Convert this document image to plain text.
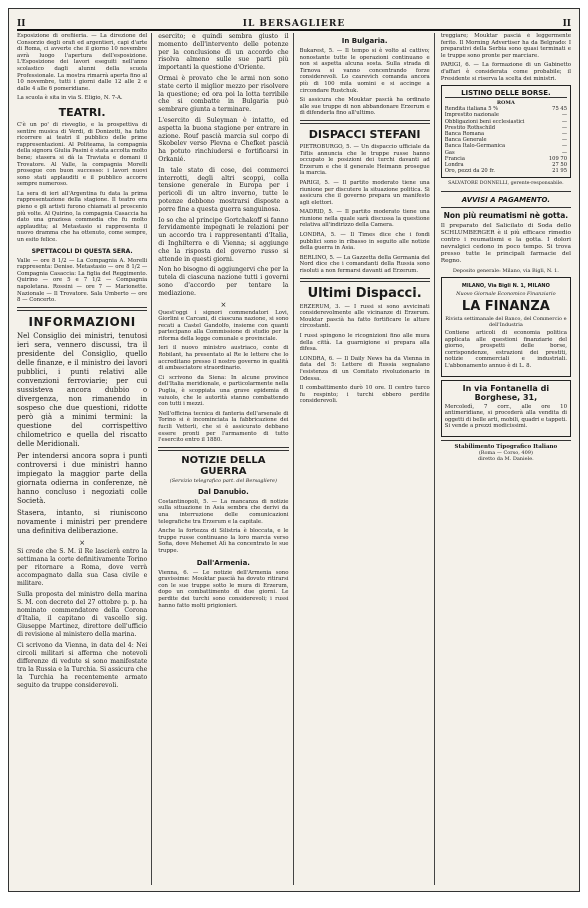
II	IL BERSAGLIERE	II

Esposizione di orefiieria. — La direzione del Consorzio degli orafi ed argentieri, capi d'arte di Roma, ci avverte che il giorno 10 novembre avrà luogo l'apertura dell'esposizione. L'Esposizione dei lavori eseguiti nell'anno scolastico dagli alunni della scuola Professionale. La mostra rimarrà aperta fino al 10 novembre, tutti i giorni dalle 12 alle 2 e dalle 4 alle 6 pomeridiane.

La scuola è sita in via S. Eligio, N. 7-A.

TEATRI.

C'è un po' di risveglio, e la prospettiva di sentire musica di Verdi, di Donizetti, ha fatto ricorrere ai teatri il pubblico delle prime rappresentazioni. Al Politeama, la compagnia della signora Giulia Pasini è stata accolta molto bene; stasera si dà la Traviata e domani il Trovatore. Al Valle, la compagnia Morelli prosegue con buon successo: i lavori nuovi sono stati applauditi e il pubblico accorre sempre numeroso.

La sera di ieri all'Argentina fu data la prima rappresentazione della stagione. Il teatro era pieno e gli artisti furono chiamati al proscenio più volte. Al Quirino, la compagnia Casaccia ha dato una graziosa commedia che fu molto applaudita; al Metastasio si rappresenta il nuovo dramma che ha ottenuto, come sempre, un esito felice.

SPETTACOLI DI QUESTA SERA.

Valle — ore 8 1/2 — La Compagnia A. Morelli rappresenta: Denise. Metastasio — ore 8 1/2 — Compagnia Casaccia: La figlia del Reggimento. Quirino — ore 5 e 7 1/2 — Compagnia napoletana. Rossini — ore 7 — Marionette. Nazionale — Il Trovatore. Sala Umberto — ore 8 — Concerto.

INFORMAZIONI

Nel Consiglio dei ministri, tenutosi ieri sera, vennero discussi, tra il presidente del Consiglio, quello delle finanze, e il ministro dei lavori pubblici, i punti relativi alle convenzioni ferroviarie; per cui sussisteva ancora dubbio o divergenza, non rimanendo in sospeso che due questioni, ridotte però già a minimi termini: la questione del corrispettivo chilometrico e quella del riscatto delle Meridionali.

Per intendersi ancora sopra i punti controversi i due ministri hanno impiegato la maggior parte della giornata odierna in conferenze, nè hanno concluso i negoziati colle Società.

Stasera, intanto, si riuniscono novamente i ministri per prendere una definitiva deliberazione.

×

Si crede che S. M. il Re lascierà entro la settimana la corte definitivamente Torino per ritornare a Roma, dove verrà accompagnato dalla sua Casa civile e militare.

Sulla proposta del ministro della marina S. M. con decreto del 27 ottobre p. p. ha nominato commendatore della Corona d'Italia, il capitano di vascello sig. Giuseppe Martinez, direttore dell'ufficio di revisione al ministero della marina.

Ci scrivono da Vienna, in data del 4: Nei circoli militari si afferma che notevoli differenze di vedute si sono manifestate tra la Russia e la Turchia. Si assicura che la Turchia ha recentemente armato seguito da truppe considerevoli.

esercito; e quindi sembra giusto il momento dell'intervento delle potenze per la conclusione di un accordo che risolva almeno sulle sue parti più importanti la questione d'Oriente.

Ormai è provato che le armi non sono state certo il miglior mezzo per risolvere la questione; ed ora poi la lotta terribile che si combatte in Bulgaria può sembrare giunta a terminare.

L'esercito di Suleyman è intatto, ed aspetta la buona stagione per entrare in azione. Rouf pascià marcia sul corpo di Skobelev verso Plevna e Chefket pascià ha potuto rinchiudersi e fortificarsi in Orkanié.

In tale stato di cose, dei commerci interrotti, degli altri scoppi, colla tensione generale in Europa per i pericoli di un altro inverno, tutte le potenze debbono mostrarsi disposte a porre fine a questa guerra sanguinosa.

Io so che al principe Gortchakoff si fanno fervidamente impegnati le relazioni per un accordo tra i rappresentanti d'Italia, di Inghilterra e di Vienna; si aggiunge che la risposta del governo russo si attende in questi giorni.

Non ho bisogno di aggiungervi che per la tutela di ciascuna nazione tutti i governi sono d'accordo per tentare la mediazione.

×

Quest'oggi i signori commendatori Lovi, Giorlini e Carcani, di ciascuna nazione, si sono recati a Castel Gandolfo, insieme con quanti partecipano alla Commissione di studio per la riforma della legge comunale e provinciale.

Ieri il nuovo ministro austriaco, conte di Robilant, ha presentato al Re le lettere che lo accreditano presso il nostro governo in qualità di ambasciatore straordinario.

Ci scrivono da Siena: In alcune province dell'Italia meridionale, e particolarmente nella Puglia, è scoppiata una grave epidemia di vaiuolo, che le autorità stanno combattendo con tutti i mezzi.

Nell'officina tecnica di fanteria dell'arsenale di Torino si è incominciata la fabbricazione dei fucili Vetterli, che si è assicurato debbano essere pronti per l'armamento di tutto l'esercito entro il 1880.

NOTIZIE DELLA GUERRA
(Servizio telegrafico part. del Bersagliere)
Dal Danubio.

Costantinopoli, 5. — La mancanza di notizie sulla situazione in Asia sembra che derivi da una interruzione delle comunicazioni telegrafiche tra Erzerum e la capitale.

Anche la fortezza di Silistria è bloccata, e le truppe russe continuano la loro marcia verso Sofia, dove Mehemet Alì ha concentrato le sue truppe.

Dall'Armenia.

Vienna, 6. — Le notizie dell'Armenia sono gravissime: Mouktar pascià ha dovuto ritirarsi con le sue truppe sotto le mura di Erzerum, dopo un combattimento di due giorni. Le perdite dei turchi sono considerevoli; i russi hanno fatto molti prigionieri.

In Bulgaria.

Bukarest, 5. — Il tempo si è volto al cattivo; nonostante tutte le operazioni continuano e non si aspetta alcuna sosta. Sulla strada di Tirnova si vanno concentrando forze considerevoli. Lo czarevich comanda ancora più di 100 mila uomini e si accinge a circondare Rustchuk.

Si assicura che Mouktar pascià ha ordinato alle sue truppe di non abbandonare Erzerum e di difenderla fino all'ultimo.

DISPACCI STEFANI

PIETROBURGO, 5. — Un dispaccio ufficiale da Tiflis annuncia che le truppe russe hanno occupato le posizioni dei turchi davanti ad Erzerum e che il generale Heimann prosegue la marcia.

PARIGI, 5. — Il partito moderato tiene una riunione per discutere la situazione politica. Si assicura che il governo prepara un manifesto agli elettori.

MADRID, 5. — Il partito moderato tiene una riunione nella quale sarà discussa la questione relativa all'indirizzo della Camera.

LONDRA, 5. — Il Times dice che i fondi pubblici sono in ribasso in seguito alle notizie della guerra in Asia.

BERLINO, 5. — La Gazzetta della Germania del Nord dice che i comandanti della Russia sono risoluti a non fermarsi davanti ad Erzerum.

Ultimi Dispacci.

ERZERUM, 3. — I russi si sono avvicinati considerevolmente alle vicinanze di Erzerum. Mouktar pascià ha fatto fortificare le alture circostanti.

I russi spingono le ricognizioni fino alle mura della città. La guarnigione si prepara alla difesa.

LONDRA, 6. — Il Daily News ha da Vienna in data del 5: Lettere di Russia segnalano l'esistenza di un Comitato rivoluzionario in Odessa.

Il combattimento durò 10 ore. Il centro turco fu respinto; i turchi ebbero perdite considerevoli.

treggiare; Mouktar pascià è leggermente ferito. Il Morning Advertiser ha da Belgrado: I preparativi della Serbia sono quasi terminati e le truppe sono pronte per marciare.

PARIGI, 6. — La formazione di un Gabinetto d'affari è considerata come probabile; il Presidente si riserva la scelta dei ministri.

LISTINO DELLE BORSE.
ROMA
Rendita italiana 5 %	75 45
Imprestito nazionale	—
Obbligazioni beni ecclesiastici	—
Prestito Rothschild	—
Banca Romana	—
Banca Generale	—
Banca Italo-Germanica	—
Gas	—
Francia	109 70
Londra	27 50
Oro, pezzi da 20 fr.	21 95

SALVATORE DONNELLI, gerente-responsabile.

AVVISI A PAGAMENTO.
Non più reumatismi nè gotta.

Il preparato del Salicilato di Soda dello SCHLUMBERGER è il più efficace rimedio contro i reumatismi e la gotta. I dolori nevralgici cedono in poco tempo. Si trova presso tutte le principali farmacie del Regno.

Deposito generale: Milano, via Bigli, N. 1.

MILANO, Via Bigli N. 1, MILANO
Nuovo Giornale Economico Finanziario
LA FINANZA
Rivista settimanale del Banco, del Commercio e dell'Industria

Contiene articoli di economia politica applicata alle questioni finanziarie del giorno, prospetti delle borse, corrispondenze, estrazioni dei prestiti, notizie commerciali e industriali. L'abbonamento annuo è di L. 8.

In via Fontanella di Borghese, 31,

Mercoledì, 7 corr., alle ore 10 antimeridiane, si procederà alla vendita di oggetti di belle arti, mobili, quadri e tappeti. Si vende a prezzi modicissimi.

Stabilimento Tipografico Italiano
(Roma — Corso, 409)
diretto da M. Daniele.
